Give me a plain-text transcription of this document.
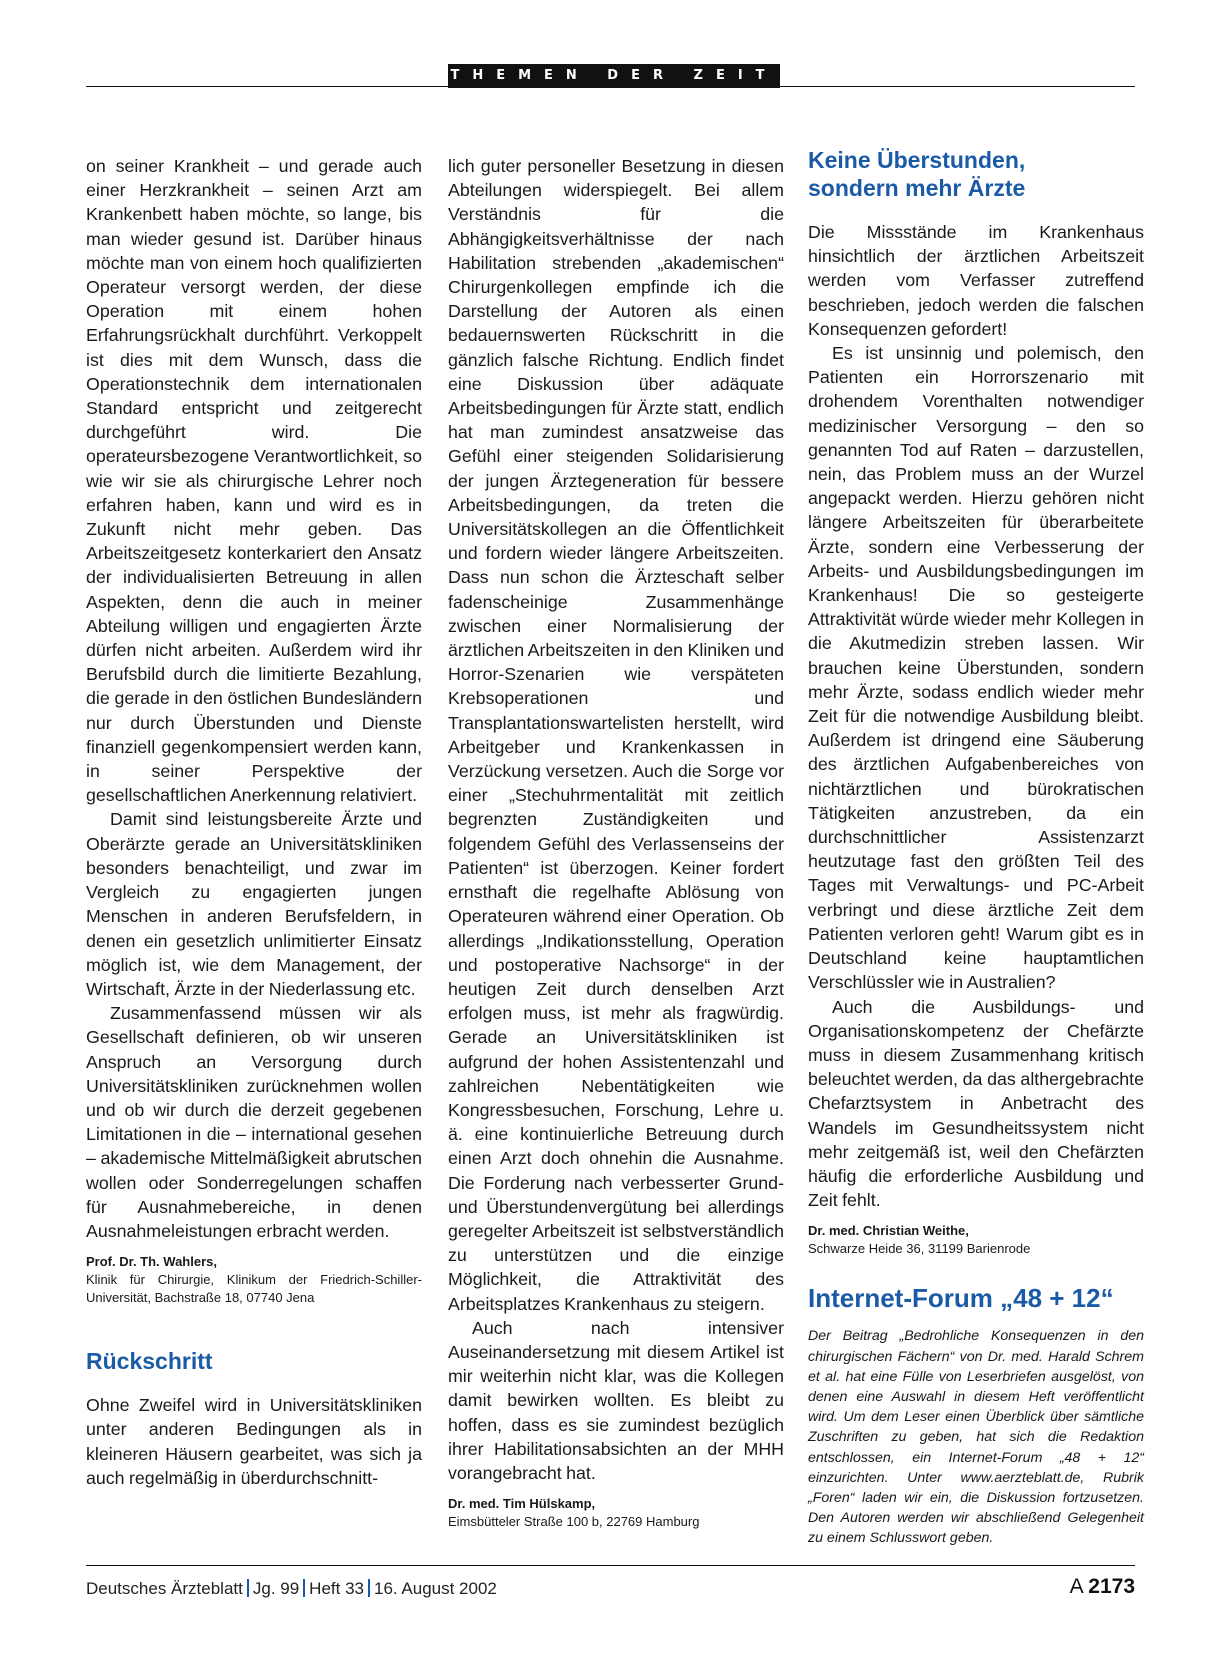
THEMEN DER ZEIT

on seiner Krankheit – und gerade auch einer Herzkrankheit – seinen Arzt am Krankenbett haben möchte, so lange, bis man wieder gesund ist. Darüber hinaus möchte man von einem hoch qualifizierten Operateur versorgt werden, der diese Operation mit einem hohen Erfahrungsrückhalt durchführt. Verkoppelt ist dies mit dem Wunsch, dass die Operationstechnik dem internationalen Standard entspricht und zeitgerecht durchgeführt wird. Die operateursbezogene Verantwortlichkeit, so wie wir sie als chirurgische Lehrer noch erfahren haben, kann und wird es in Zukunft nicht mehr geben. Das Arbeitszeitgesetz konterkariert den Ansatz der individualisierten Betreuung in allen Aspekten, denn die auch in meiner Abteilung willigen und engagierten Ärzte dürfen nicht arbeiten. Außerdem wird ihr Berufsbild durch die limitierte Bezahlung, die gerade in den östlichen Bundesländern nur durch Überstunden und Dienste finanziell gegenkompensiert werden kann, in seiner Perspektive der gesellschaftlichen Anerkennung relativiert.

Damit sind leistungsbereite Ärzte und Oberärzte gerade an Universitätskliniken besonders benachteiligt, und zwar im Vergleich zu engagierten jungen Menschen in anderen Berufsfeldern, in denen ein gesetzlich unlimitierter Einsatz möglich ist, wie dem Management, der Wirtschaft, Ärzte in der Niederlassung etc.

Zusammenfassend müssen wir als Gesellschaft definieren, ob wir unseren Anspruch an Versorgung durch Universitätskliniken zurücknehmen wollen und ob wir durch die derzeit gegebenen Limitationen in die – international gesehen – akademische Mittelmäßigkeit abrutschen wollen oder Sonderregelungen schaffen für Ausnahmebereiche, in denen Ausnahmeleistungen erbracht werden.

Prof. Dr. Th. Wahlers,

Klinik für Chirurgie, Klinikum der Friedrich-Schiller-Universität, Bachstraße 18, 07740 Jena

Rückschritt

Ohne Zweifel wird in Universitätskliniken unter anderen Bedingungen als in kleineren Häusern gearbeitet, was sich ja auch regelmäßig in überdurchschnitt-

lich guter personeller Besetzung in diesen Abteilungen widerspiegelt. Bei allem Verständnis für die Abhängigkeitsverhältnisse der nach Habilitation strebenden „akademischen“ Chirurgenkollegen empfinde ich die Darstellung der Autoren als einen bedauernswerten Rückschritt in die gänzlich falsche Richtung. Endlich findet eine Diskussion über adäquate Arbeitsbedingungen für Ärzte statt, endlich hat man zumindest ansatzweise das Gefühl einer steigenden Solidarisierung der jungen Ärztegeneration für bessere Arbeitsbedingungen, da treten die Universitätskollegen an die Öffentlichkeit und fordern wieder längere Arbeitszeiten. Dass nun schon die Ärzteschaft selber fadenscheinige Zusammenhänge zwischen einer Normalisierung der ärztlichen Arbeitszeiten in den Kliniken und Horror-Szenarien wie verspäteten Krebsoperationen und Transplantationswartelisten herstellt, wird Arbeitgeber und Krankenkassen in Verzückung versetzen. Auch die Sorge vor einer „Stechuhrmentalität mit zeitlich begrenzten Zuständigkeiten und folgendem Gefühl des Verlassenseins der Patienten“ ist überzogen. Keiner fordert ernsthaft die regelhafte Ablösung von Operateuren während einer Operation. Ob allerdings „Indikationsstellung, Operation und postoperative Nachsorge“ in der heutigen Zeit durch denselben Arzt erfolgen muss, ist mehr als fragwürdig. Gerade an Universitätskliniken ist aufgrund der hohen Assistentenzahl und zahlreichen Nebentätigkeiten wie Kongressbesuchen, Forschung, Lehre u. ä. eine kontinuierliche Betreuung durch einen Arzt doch ohnehin die Ausnahme. Die Forderung nach verbesserter Grund- und Überstundenvergütung bei allerdings geregelter Arbeitszeit ist selbstverständlich zu unterstützen und die einzige Möglichkeit, die Attraktivität des Arbeitsplatzes Krankenhaus zu steigern.

Auch nach intensiver Auseinandersetzung mit diesem Artikel ist mir weiterhin nicht klar, was die Kollegen damit bewirken wollten. Es bleibt zu hoffen, dass es sie zumindest bezüglich ihrer Habilitationsabsichten an der MHH vorangebracht hat.

Dr. med. Tim Hülskamp,

Eimsbütteler Straße 100 b, 22769 Hamburg

Keine Überstunden, sondern mehr Ärzte

Die Missstände im Krankenhaus hinsichtlich der ärztlichen Arbeitszeit werden vom Verfasser zutreffend beschrieben, jedoch werden die falschen Konsequenzen gefordert!

Es ist unsinnig und polemisch, den Patienten ein Horrorszenario mit drohendem Vorenthalten notwendiger medizinischer Versorgung – den so genannten Tod auf Raten – darzustellen, nein, das Problem muss an der Wurzel angepackt werden. Hierzu gehören nicht längere Arbeitszeiten für überarbeitete Ärzte, sondern eine Verbesserung der Arbeits- und Ausbildungsbedingungen im Krankenhaus! Die so gesteigerte Attraktivität würde wieder mehr Kollegen in die Akutmedizin streben lassen. Wir brauchen keine Überstunden, sondern mehr Ärzte, sodass endlich wieder mehr Zeit für die notwendige Ausbildung bleibt. Außerdem ist dringend eine Säuberung des ärztlichen Aufgabenbereiches von nichtärztlichen und bürokratischen Tätigkeiten anzustreben, da ein durchschnittlicher Assistenzarzt heutzutage fast den größten Teil des Tages mit Verwaltungs- und PC-Arbeit verbringt und diese ärztliche Zeit dem Patienten verloren geht! Warum gibt es in Deutschland keine hauptamtlichen Verschlüssler wie in Australien?

Auch die Ausbildungs- und Organisationskompetenz der Chefärzte muss in diesem Zusammenhang kritisch beleuchtet werden, da das althergebrachte Chefarztsystem in Anbetracht des Wandels im Gesundheitssystem nicht mehr zeitgemäß ist, weil den Chefärzten häufig die erforderliche Ausbildung und Zeit fehlt.

Dr. med. Christian Weithe,

Schwarze Heide 36, 31199 Barienrode

Internet-Forum „48 + 12“

Der Beitrag „Bedrohliche Konsequenzen in den chirurgischen Fächern“ von Dr. med. Harald Schrem et al. hat eine Fülle von Leserbriefen ausgelöst, von denen eine Auswahl in diesem Heft veröffentlicht wird. Um dem Leser einen Überblick über sämtliche Zuschriften zu geben, hat sich die Redaktion entschlossen, ein Internet-Forum „48 + 12“ einzurichten. Unter www.aerzteblatt.de, Rubrik „Foren“ laden wir ein, die Diskussion fortzusetzen. Den Autoren werden wir abschließend Gelegenheit zu einem Schlusswort geben.

Deutsches Ärzteblatt Jg. 99 Heft 33 16. August 2002	A 2173
